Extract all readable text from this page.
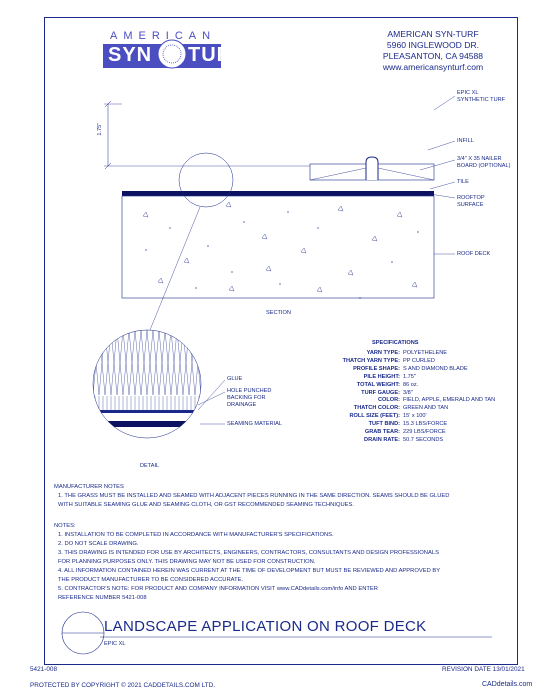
AMERICAN
SYN TURF
AMERICAN SYN-TURF
5960 INGLEWOOD DR.
PLEASANTON, CA 94588
www.americansynturf.com
1.75"
EPIC XL
SYNTHETIC TURF
INFILL
3/4" X 35 NAILER
BOARD (OPTIONAL)
TILE
ROOFTOP
SURFACE
ROOF DECK
SECTION
GLUE
HOLE PUNCHED
BACKING FOR
DRAINAGE
SEAMING MATERIAL
DETAIL
SPECIFICATIONS
YARN TYPE: POLYETHELENE
THATCH YARN TYPE: PP CURLED
PROFILE SHAPE: S AND DIAMOND BLADE
PILE HEIGHT: 1.75"
TOTAL WEIGHT: 86 oz.
TURF GAUGE: 3/8"
COLOR: FIELD, APPLE, EMERALD AND TAN
THATCH COLOR: GREEN AND TAN
ROLL SIZE (FEET): 15' x 100'
TUFT BIND: 15.3 LBS/FORCE
GRAB TEAR: 229 LBS/FORCE
DRAIN RATE: 50.7 SECONDS
MANUFACTURER NOTES
1. THE GRASS MUST BE INSTALLED AND SEAMED WITH ADJACENT PIECES RUNNING IN THE SAME DIRECTION. SEAMS SHOULD BE GLUED
WITH SUITABLE SEAMING GLUE AND SEAMING CLOTH, OR GST RECOMMENDED SEAMING TECHNIQUES.
NOTES:
1. INSTALLATION TO BE COMPLETED IN ACCORDANCE WITH MANUFACTURER'S SPECIFICATIONS.
2. DO NOT SCALE DRAWING.
3. THIS DRAWING IS INTENDED FOR USE BY ARCHITECTS, ENGINEERS, CONTRACTORS, CONSULTANTS AND DESIGN PROFESSIONALS
FOR PLANNING PURPOSES ONLY. THIS DRAWING MAY NOT BE USED FOR CONSTRUCTION.
4. ALL INFORMATION CONTAINED HEREIN WAS CURRENT AT THE TIME OF DEVELOPMENT BUT MUST BE REVIEWED AND APPROVED BY
THE PRODUCT MANUFACTURER TO BE CONSIDERED ACCURATE.
5. CONTRACTOR'S NOTE: FOR PRODUCT AND COMPANY INFORMATION VISIT www.CADdetails.com/info AND ENTER
REFERENCE NUMBER 5421-008
LANDSCAPE APPLICATION ON ROOF DECK
EPIC XL
5421-008	REVISION DATE 13/01/2021
PROTECTED BY COPYRIGHT © 2021 CADDETAILS.COM LTD.	CADdetails.com
